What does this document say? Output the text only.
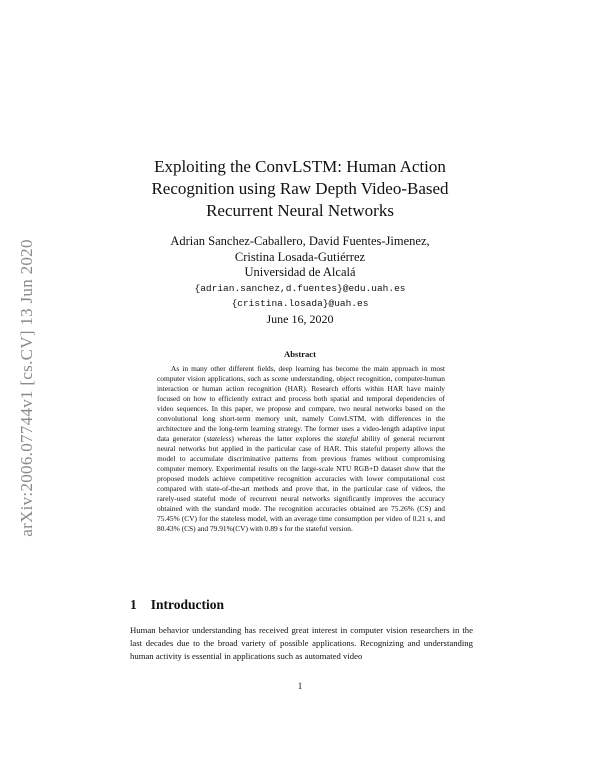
arXiv:2006.07744v1 [cs.CV] 13 Jun 2020
Exploiting the ConvLSTM: Human Action
Recognition using Raw Depth Video-Based
Recurrent Neural Networks
Adrian Sanchez-Caballero, David Fuentes-Jimenez,
Cristina Losada-Gutiérrez
Universidad de Alcalá
{adrian.sanchez,d.fuentes}@edu.uah.es
{cristina.losada}@uah.es
June 16, 2020
Abstract
As in many other different fields, deep learning has become the main approach in most computer vision applications, such as scene understanding, object recognition, computer-human interaction or human action recognition (HAR). Research efforts within HAR have mainly focused on how to efficiently extract and process both spatial and temporal dependencies of video sequences. In this paper, we propose and compare, two neural networks based on the convolutional long short-term memory unit, namely ConvLSTM, with differences in the architecture and the long-term learning strategy. The former uses a video-length adaptive input data generator (stateless) whereas the latter explores the stateful ability of general recurrent neural networks but applied in the particular case of HAR. This stateful property allows the model to accumulate discriminative patterns from previous frames without compromising computer memory. Experimental results on the large-scale NTU RGB+D dataset show that the proposed models achieve competitive recognition accuracies with lower computational cost compared with state-of-the-art methods and prove that, in the particular case of videos, the rarely-used stateful mode of recurrent neural networks significantly improves the accuracy obtained with the standard mode. The recognition accuracies obtained are 75.26% (CS) and 75.45% (CV) for the stateless model, with an average time consumption per video of 0.21 s, and 80.43% (CS) and 79.91%(CV) with 0.89 s for the stateful version.
1 Introduction
Human behavior understanding has received great interest in computer vision researchers in the last decades due to the broad variety of possible applications. Recognizing and understanding human activity is essential in applications such as automated video
1
